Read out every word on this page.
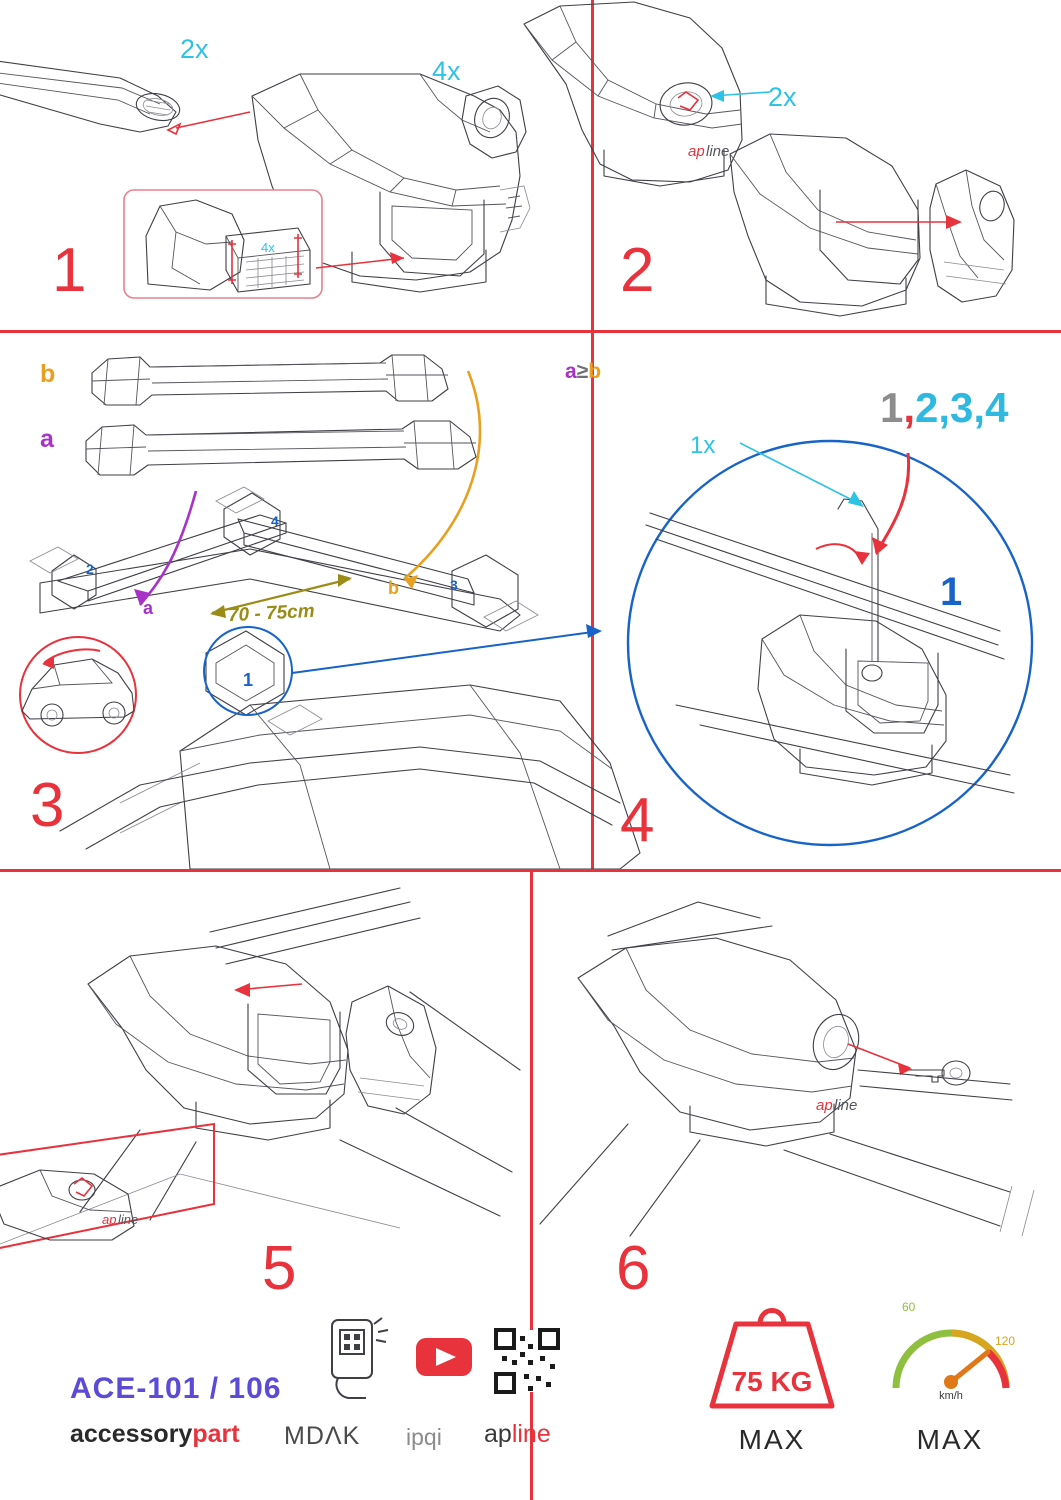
ap line
2x
4x
4x
2x
1	2
b
a
a
b
70 - 75cm
a≥b
1
2
3
4
1x
1,2,3,4
1
3	4
ap line
ap line
5	6
ACE-101 / 106
accessorypart MDΛK ipqi apline
75 KG
MAX
km/h
60
120
MAX
